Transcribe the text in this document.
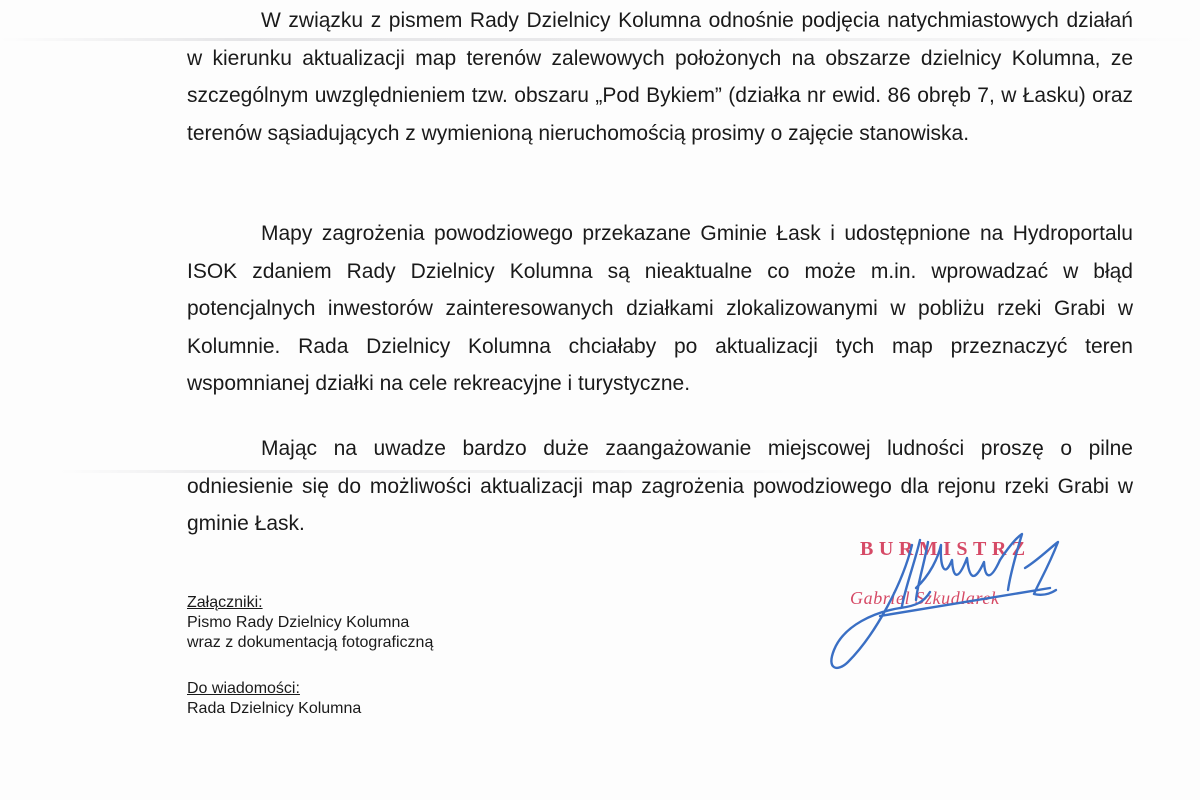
W związku z pismem Rady Dzielnicy Kolumna odnośnie podjęcia natychmiastowych działań w kierunku aktualizacji map terenów zalewowych położonych na obszarze dzielnicy Kolumna, ze szczególnym uwzględnieniem tzw. obszaru „Pod Bykiem” (działka nr ewid. 86 obręb 7, w Łasku) oraz terenów sąsiadujących z wymienioną nieruchomością prosimy o zajęcie stanowiska.

Mapy zagrożenia powodziowego przekazane Gminie Łask i udostępnione na Hydroportalu ISOK zdaniem Rady Dzielnicy Kolumna są nieaktualne co może m.in. wprowadzać w błąd potencjalnych inwestorów zainteresowanych działkami zlokalizowanymi w pobliżu rzeki Grabi w Kolumnie. Rada Dzielnicy Kolumna chciałaby po aktualizacji tych map przeznaczyć teren wspomnianej działki na cele rekreacyjne i turystyczne.

Mając na uwadze bardzo duże zaangażowanie miejscowej ludności proszę o pilne odniesienie się do możliwości aktualizacji map zagrożenia powodziowego dla rejonu rzeki Grabi w gminie Łask.

Załączniki:
Pismo Rady Dzielnicy Kolumna
wraz z dokumentacją fotograficzną
Do wiadomości:
Rada Dzielnicy Kolumna
BURMISTRZ
Gabriel Szkudlarek
